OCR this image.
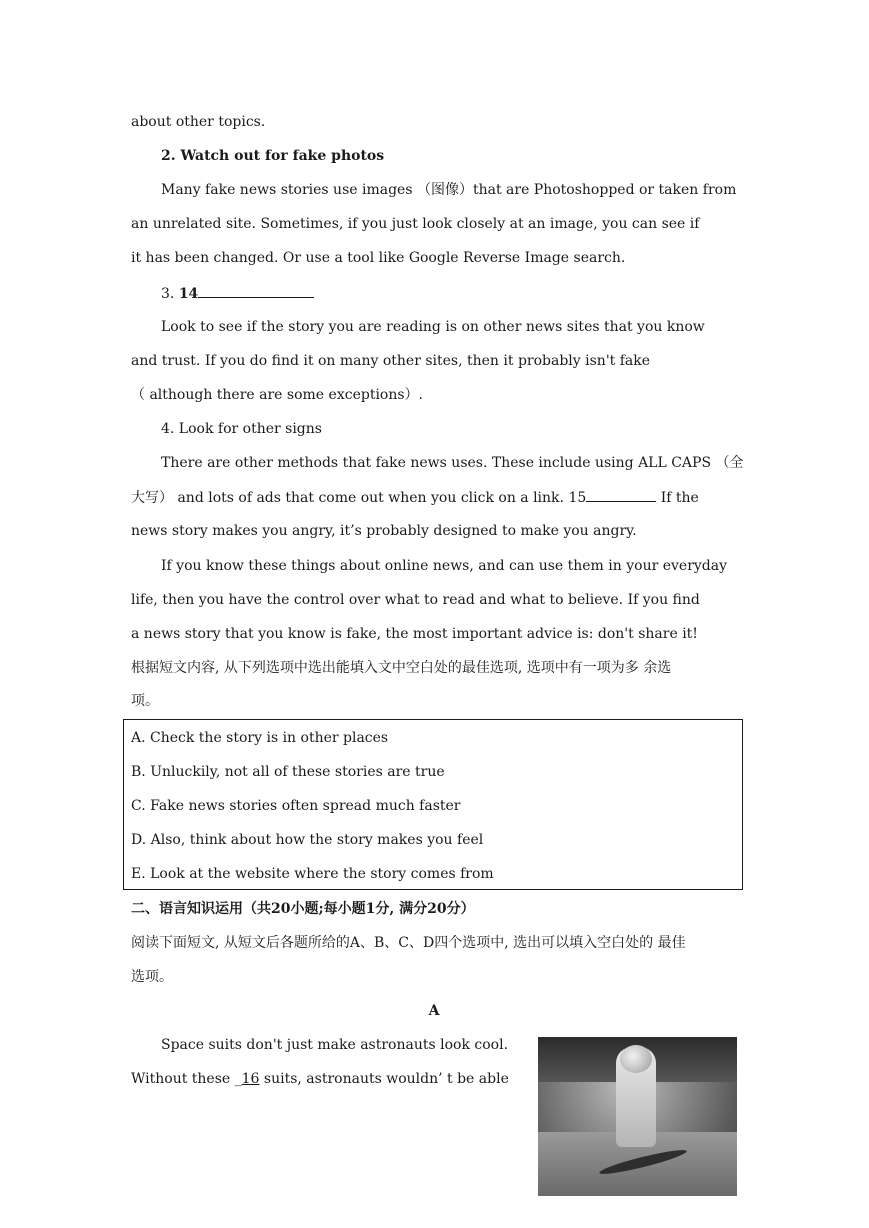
about other topics.
2. Watch out for fake photos
Many fake news stories use images （图像）that are Photoshopped or taken from
an unrelated site. Sometimes, if you just look closely at an image, you can see if
it has been changed. Or use a tool like Google Reverse Image search.
3. 14
Look to see if the story you are reading is on other news sites that you know
and trust. If you do find it on many other sites, then it probably isn't fake
（ although there are some exceptions）.
4. Look for other signs
There are other methods that fake news uses. These include using ALL CAPS （全
大写） and lots of ads that come out when you click on a link. 15	If the
news story makes you angry, it’s probably designed to make you angry.
If you know these things about online news, and can use them in your everyday
life, then you have the control over what to read and what to believe. If you find
a news story that you know is fake, the most important advice is: don't share it!
根据短文内容, 从下列选项中选出能填入文中空白处的最佳选项, 选项中有一项为多 余选
项。
A. Check the story is in other places
B. Unluckily, not all of these stories are true
C. Fake news stories often spread much faster
D. Also, think about how the story makes you feel
E. Look at the website where the story comes from
二、语言知识运用（共20小题;每小题1分, 满分20分）
阅读下面短文, 从短文后各题所给的A、B、C、D四个选项中, 选出可以填入空白处的 最佳
选项。
A
Space suits don't just make astronauts look cool.
Without these _16 suits, astronauts wouldn’ t be able
